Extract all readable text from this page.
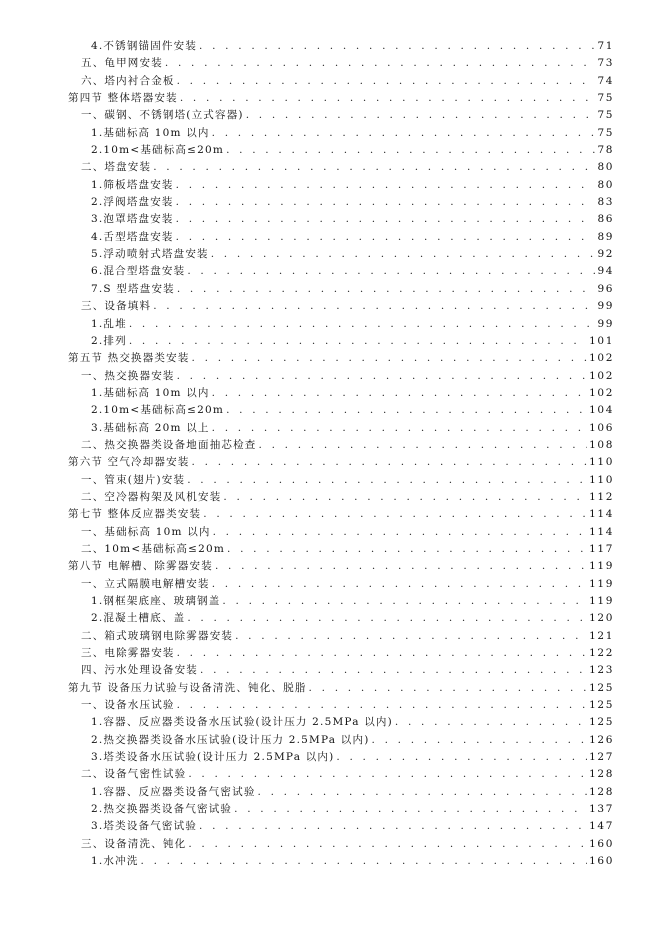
4.不锈钢锚固件安装 . . .	71
五、龟甲网安装 . . .	73
六、塔内衬合金板 . . .	74
第四节 整体塔器安装 . . .	75
一、碳钢、不锈钢塔(立式容器) . . .	75
1.基础标高 10m 以内 . . .	75
2.10m<基础标高≤20m . . .	78
二、塔盘安装 . . .	80
1.筛板塔盘安装 . . .	80
2.浮阀塔盘安装 . . .	83
3.泡罩塔盘安装 . . .	86
4.舌型塔盘安装 . . .	89
5.浮动喷射式塔盘安装 . . .	92
6.混合型塔盘安装 . . .	94
7.S 型塔盘安装 . . .	96
三、设备填料 . . .	99
1.乱堆 . . .	99
2.排列 . . .	101
第五节 热交换器类安装 . . .	102
一、热交换器安装 . . .	102
1.基础标高 10m 以内 . . .	102
2.10m<基础标高≤20m . . .	104
3.基础标高 20m 以上 . . .	106
二、热交换器类设备地面抽芯检查 . . .	108
第六节 空气冷却器安装 . . .	110
一、管束(翅片)安装 . . .	110
二、空冷器构架及风机安装 . . .	112
第七节 整体反应器类安装 . . .	114
一、基础标高 10m 以内 . . .	114
二、10m<基础标高≤20m . . .	117
第八节 电解槽、除雾器安装 . . .	119
一、立式隔膜电解槽安装 . . .	119
1.钢框架底座、玻璃钢盖 . . .	119
2.混凝土槽底、盖 . . .	120
二、箱式玻璃钢电除雾器安装 . . .	121
三、电除雾器安装 . . .	122
四、污水处理设备安装 . . .	123
第九节 设备压力试验与设备清洗、钝化、脱脂 . . .	125
一、设备水压试验 . . .	125
1.容器、反应器类设备水压试验(设计压力 2.5MPa 以内) . . .	125
2.热交换器类设备水压试验(设计压力 2.5MPa 以内) . . .	126
3.塔类设备水压试验(设计压力 2.5MPa 以内) . . .	127
二、设备气密性试验 . . .	128
1.容器、反应器类设备气密试验 . . .	128
2.热交换器类设备气密试验 . . .	137
3.塔类设备气密试验 . . .	147
三、设备清洗、钝化 . . .	160
1.水冲洗 . . .	160
